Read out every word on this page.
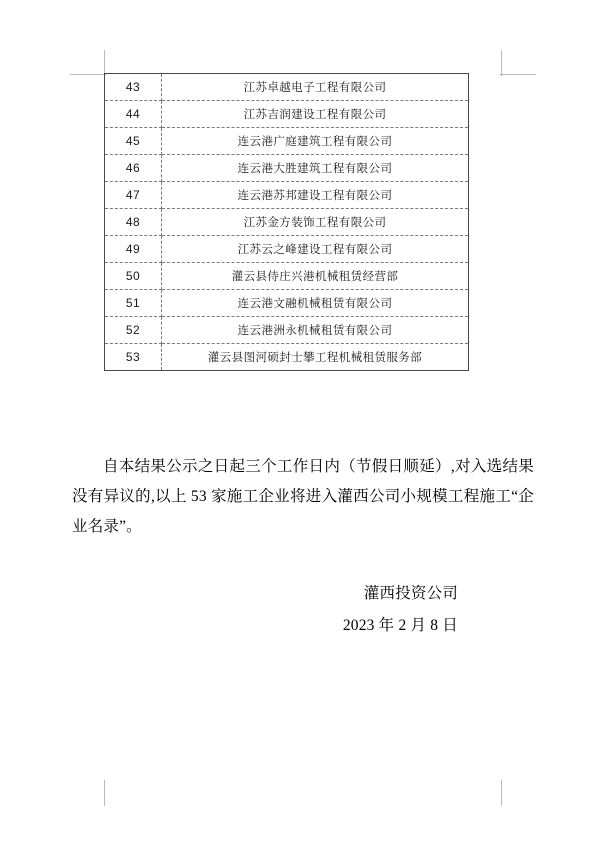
43	江苏卓越电子工程有限公司
44	江苏吉润建设工程有限公司
45	连云港广庭建筑工程有限公司
46	连云港大胜建筑工程有限公司
47	连云港苏邦建设工程有限公司
48	江苏金方装饰工程有限公司
49	江苏云之峰建设工程有限公司
50	灌云县侍庄兴港机械租赁经营部
51	连云港文融机械租赁有限公司
52	连云港洲永机械租赁有限公司
53	灌云县图河硕封士攀工程机械租赁服务部
自本结果公示之日起三个工作日内（节假日顺延）,对入选结果没有异议的,以上 53 家施工企业将进入灌西公司小规模工程施工“企业名录”。
灌西投资公司
2023 年 2 月 8 日
